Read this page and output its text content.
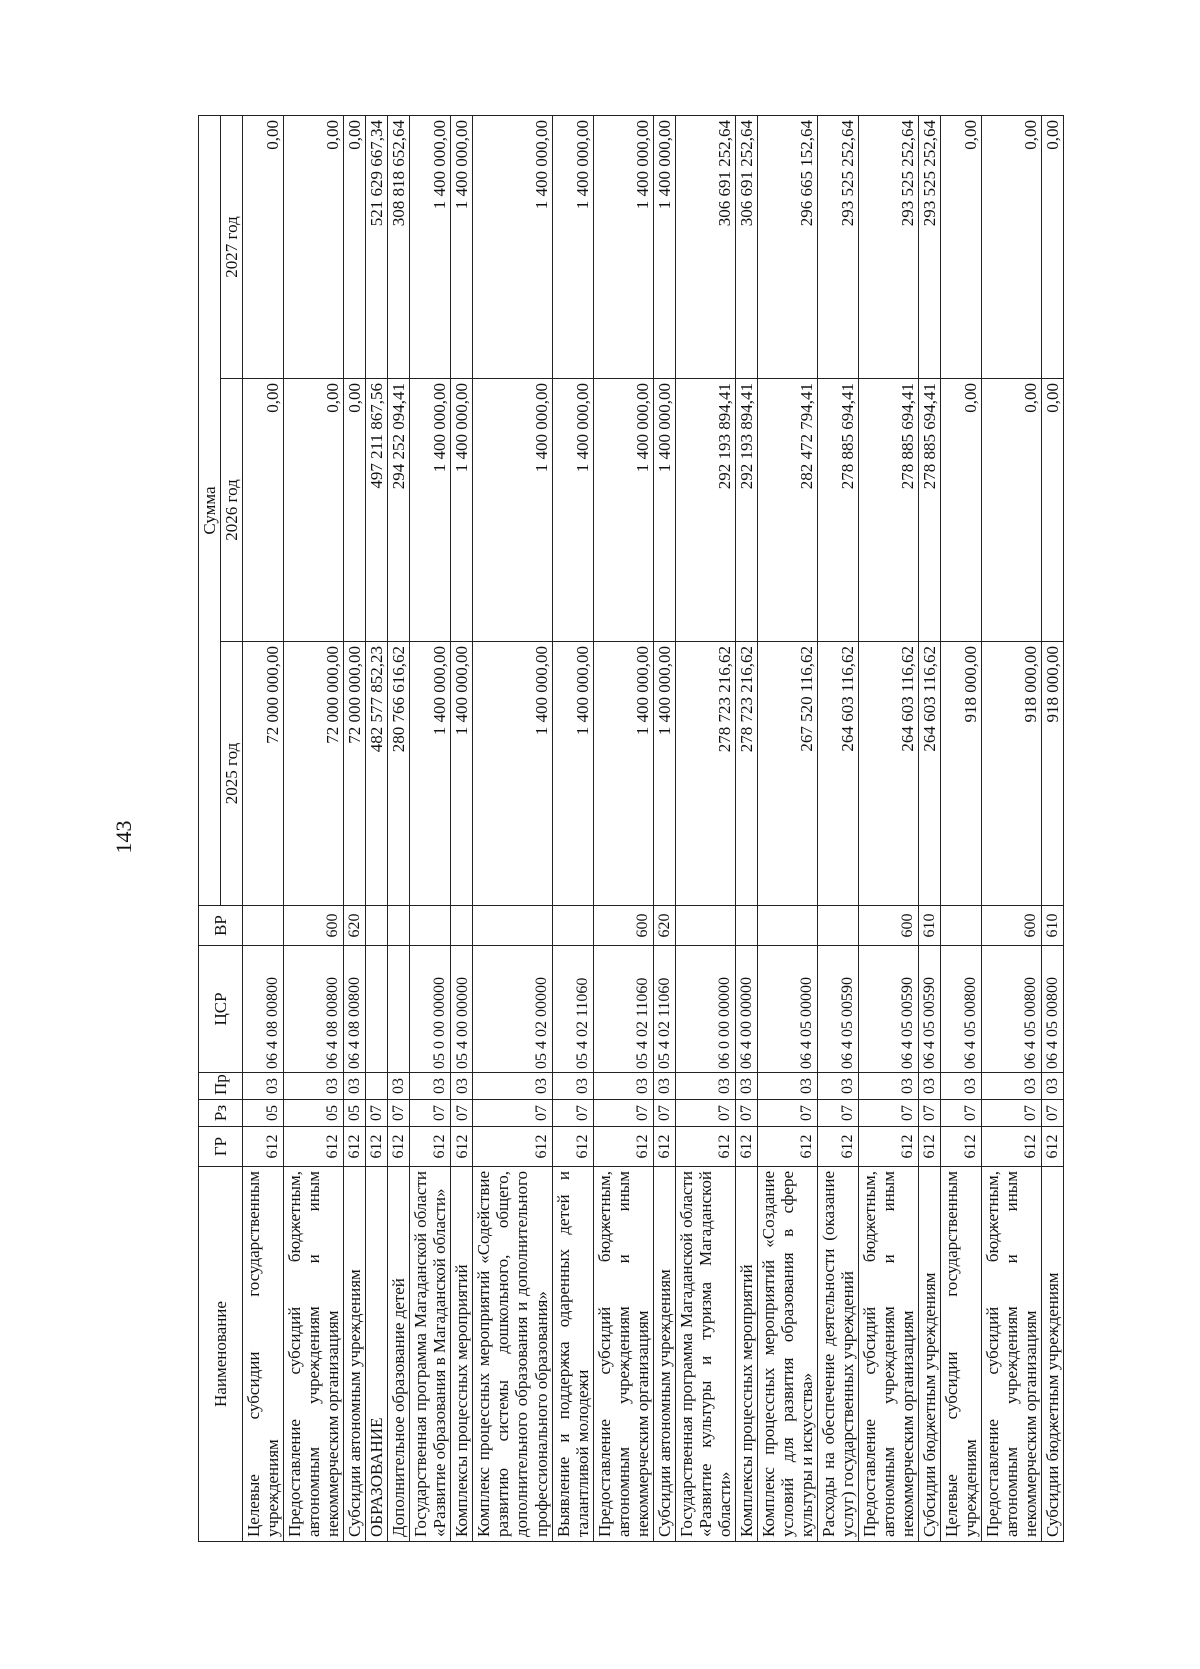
143
Наименование	ГР	Рз	Пр	ЦСР	ВР	Сумма		
						2025 год	2026 год	2027 год
Целевые субсидии государственным учреждениям	612	05	03	06 4 08 00800		72 000 000,00	0,00	0,00
Предоставление субсидий бюджетным, автономным учреждениям и иным некоммерческим организациям	612	05	03	06 4 08 00800	600	72 000 000,00	0,00	0,00
Субсидии автономным учреждениям	612	05	03	06 4 08 00800	620	72 000 000,00	0,00	0,00
ОБРАЗОВАНИЕ	612	07				482 577 852,23	497 211 867,56	521 629 667,34
Дополнительное образование детей	612	07	03			280 766 616,62	294 252 094,41	308 818 652,64
Государственная программа Магаданской области «Развитие образования в Магаданской области»	612	07	03	05 0 00 00000		1 400 000,00	1 400 000,00	1 400 000,00
Комплексы процессных мероприятий	612	07	03	05 4 00 00000		1 400 000,00	1 400 000,00	1 400 000,00
Комплекс процессных мероприятий «Содействие развитию системы дошкольного, общего, дополнительного образования и дополнительного профессионального образования»	612	07	03	05 4 02 00000		1 400 000,00	1 400 000,00	1 400 000,00
Выявление и поддержка одаренных детей и талантливой молодежи	612	07	03	05 4 02 11060		1 400 000,00	1 400 000,00	1 400 000,00
Предоставление субсидий бюджетным, автономным учреждениям и иным некоммерческим организациям	612	07	03	05 4 02 11060	600	1 400 000,00	1 400 000,00	1 400 000,00
Субсидии автономным учреждениям	612	07	03	05 4 02 11060	620	1 400 000,00	1 400 000,00	1 400 000,00
Государственная программа Магаданской области «Развитие культуры и туризма Магаданской области»	612	07	03	06 0 00 00000		278 723 216,62	292 193 894,41	306 691 252,64
Комплексы процессных мероприятий	612	07	03	06 4 00 00000		278 723 216,62	292 193 894,41	306 691 252,64
Комплекс процессных мероприятий «Создание условий для развития образования в сфере культуры и искусства»	612	07	03	06 4 05 00000		267 520 116,62	282 472 794,41	296 665 152,64
Расходы на обеспечение деятельности (оказание услуг) государственных учреждений	612	07	03	06 4 05 00590		264 603 116,62	278 885 694,41	293 525 252,64
Предоставление субсидий бюджетным, автономным учреждениям и иным некоммерческим организациям	612	07	03	06 4 05 00590	600	264 603 116,62	278 885 694,41	293 525 252,64
Субсидии бюджетным учреждениям	612	07	03	06 4 05 00590	610	264 603 116,62	278 885 694,41	293 525 252,64
Целевые субсидии государственным учреждениям	612	07	03	06 4 05 00800		918 000,00	0,00	0,00
Предоставление субсидий бюджетным, автономным учреждениям и иным некоммерческим организациям	612	07	03	06 4 05 00800	600	918 000,00	0,00	0,00
Субсидии бюджетным учреждениям	612	07	03	06 4 05 00800	610	918 000,00	0,00	0,00
